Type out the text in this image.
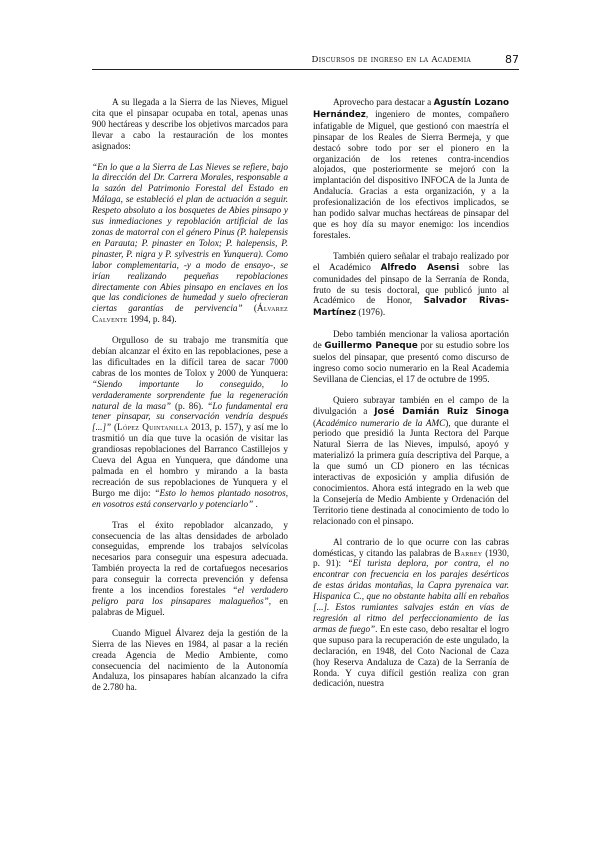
Discursos de ingreso en la Academia	87

A su llegada a la Sierra de las Nieves, Miguel cita que el pinsapar ocupaba en total, apenas unas 900 hectáreas y describe los objetivos marcados para llevar a cabo la restauración de los montes asignados:

“En lo que a la Sierra de Las Nieves se refiere, bajo la dirección del Dr. Carrera Morales, responsable a la sazón del Patrimonio Forestal del Estado en Málaga, se estableció el plan de actuación a seguir. Respeto absoluto a los bosquetes de Abies pinsapo y sus inmediaciones y repoblación artificial de las zonas de matorral con el género Pinus (P. halepensis en Parauta; P. pinaster en Tolox; P. halepensis, P. pinaster, P. nigra y P. sylvestris en Yunquera). Como labor complementaria, -y a modo de ensayo-, se irían realizando pequeñas repoblaciones directamente con Abies pinsapo en enclaves en los que las condiciones de humedad y suelo ofrecieran ciertas garantías de pervivencia” (Álvarez Calvente 1994, p. 84).

Orgulloso de su trabajo me transmitía que debían alcanzar el éxito en las repoblaciones, pese a las dificultades en la difícil tarea de sacar 7000 cabras de los montes de Tolox y 2000 de Yunquera: “Siendo importante lo conseguido, lo verdaderamente sorprendente fue la regeneración natural de la masa” (p. 86). “Lo fundamental era tener pinsapar, su conservación vendría después [...]” (López Quintanilla 2013, p. 157), y así me lo trasmitió un día que tuve la ocasión de visitar las grandiosas repoblaciones del Barranco Castillejos y Cueva del Agua en Yunquera, que dándome una palmada en el hombro y mirando a la basta recreación de sus repoblaciones de Yunquera y el Burgo me dijo: “Esto lo hemos plantado nosotros, en vosotros está conservarlo y potenciarlo” .

Tras el éxito repoblador alcanzado, y consecuencia de las altas densidades de arbolado conseguidas, emprende los trabajos selvícolas necesarios para conseguir una espesura adecuada. También proyecta la red de cortafuegos necesarios para conseguir la correcta prevención y defensa frente a los incendios forestales “el verdadero peligro para los pinsapares malagueños”, en palabras de Miguel.

Cuando Miguel Álvarez deja la gestión de la Sierra de las Nieves en 1984, al pasar a la recién creada Agencia de Medio Ambiente, como consecuencia del nacimiento de la Autonomía Andaluza, los pinsapares habían alcanzado la cifra de 2.780 ha.

Aprovecho para destacar a Agustín Lozano Hernández, ingeniero de montes, compañero infatigable de Miguel, que gestionó con maestría el pinsapar de los Reales de Sierra Bermeja, y que destacó sobre todo por ser el pionero en la organización de los retenes contra-incendios alojados, que posteriormente se mejoró con la implantación del dispositivo INFOCA de la Junta de Andalucía. Gracias a esta organización, y a la profesionalización de los efectivos implicados, se han podido salvar muchas hectáreas de pinsapar del que es hoy día su mayor enemigo: los incendios forestales.

También quiero señalar el trabajo realizado por el Académico Alfredo Asensi sobre las comunidades del pinsapo de la Serranía de Ronda, fruto de su tesis doctoral, que publicó junto al Académico de Honor, Salvador Rivas-Martínez (1976).

Debo también mencionar la valiosa aportación de Guillermo Paneque por su estudio sobre los suelos del pinsapar, que presentó como discurso de ingreso como socio numerario en la Real Academia Sevillana de Ciencias, el 17 de octubre de 1995.

Quiero subrayar también en el campo de la divulgación a José Damián Ruiz Sinoga (Académico numerario de la AMC), que durante el periodo que presidió la Junta Rectora del Parque Natural Sierra de las Nieves, impulsó, apoyó y materializó la primera guía descriptiva del Parque, a la que sumó un CD pionero en las técnicas interactivas de exposición y amplia difusión de conocimientos. Ahora está integrado en la web que la Consejería de Medio Ambiente y Ordenación del Territorio tiene destinada al conocimiento de todo lo relacionado con el pinsapo.

Al contrario de lo que ocurre con las cabras domésticas, y citando las palabras de Barbey (1930, p. 91): “El turista deplora, por contra, el no encontrar con frecuencia en los parajes desérticos de estas áridas montañas, la Capra pyrenaica var. Hispanica C., que no obstante habita allí en rebaños [...]. Estos rumiantes salvajes están en vías de regresión al ritmo del perfeccionamiento de las armas de fuego”. En este caso, debo resaltar el logro que supuso para la recuperación de este ungulado, la declaración, en 1948, del Coto Nacional de Caza (hoy Reserva Andaluza de Caza) de la Serranía de Ronda. Y cuya difícil gestión realiza con gran dedicación, nuestra
